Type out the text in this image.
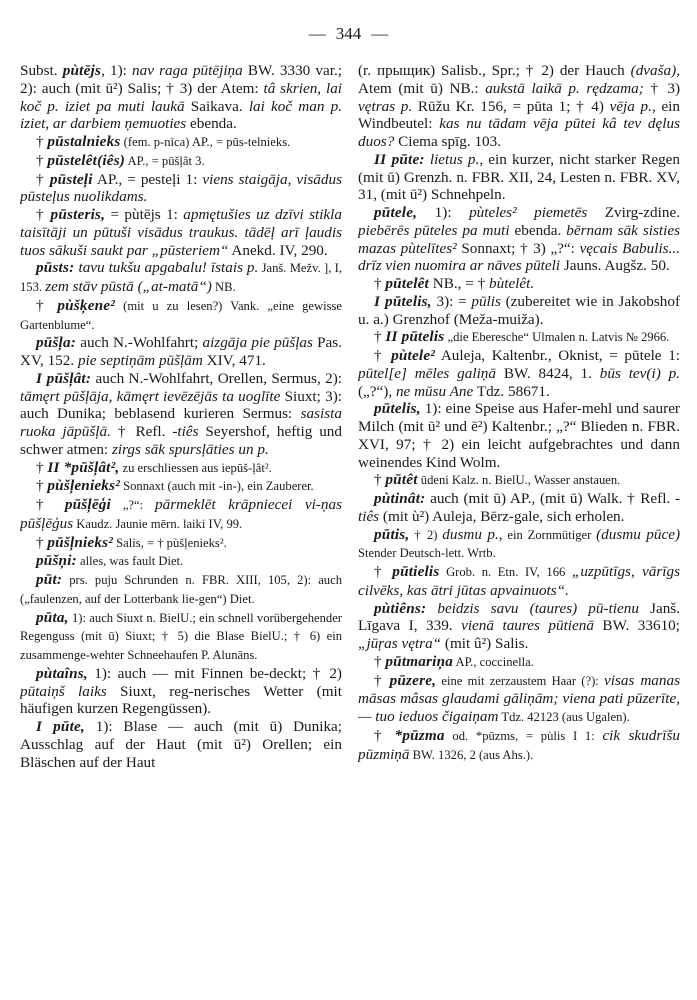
— 344 —

Subst. pùtējs, 1): nav raga pūtējiņa BW. 3330 var.; 2): auch (mit ū²) Salis; † 3) der Atem: tâ skrien, lai koč p. iziet pa muti laukā Saikava. lai koč man p. iziet, ar darbiem ņemuoties ebenda.

† pūstalnieks (fem. p-nīca) AP., = pūs-telnieks.

† pūstelêt(iês) AP., = pūšļât 3.

† pūsteļi AP., = pesteļi 1: viens staigāja, visādus pūsteļus nuolikdams.

† pūsteris, = pùtējs 1: apmętušies uz dzīvi stikla taisītāji un pūtuši visādus traukus. tādēļ arī ļaudis tuos sākuši saukt par „pūsteriem“ Anekd. IV, 290.

pūsts: tavu tukšu apgabalu! īstais p. Janš. Mežv. ], I, 153. zem stāv pūstā („at-matā“) NB.

† pùšķene² (mit u zu lesen?) Vank. „eine gewisse Gartenblume“.

pūšļa: auch N.-Wohlfahrt; aizgāja pie pūšļas Pas. XV, 152. pie septiņām pūšļām XIV, 471.

I pūšļât: auch N.-Wohlfahrt, Orellen, Sermus, 2): tāmęrt pūšļāja, kāmęrt ievēzējās ta uoglīte Siuxt; 3): auch Dunika; beblasend kurieren Sermus: sasista ruoka jāpūšļā. † Refl. -tiês Seyershof, heftig und schwer atmen: zirgs sāk spursļāties un p.

† II *pūšļât², zu erschliessen aus iepūš-ļât².

† pùšļenieks² Sonnaxt (auch mit -in-), ein Zauberer.

† pūšļēģi „?“: pārmeklēt krāpniecei vi-ņas pūšļēģus Kaudz. Jaunie mērn. laiki IV, 99.

† pūšļnieks² Salis, = † pùšļenieks².

pūšņi: alles, was fault Diet.

pūt: prs. puju Schrunden n. FBR. XIII, 105, 2): auch („faulenzen, auf der Lotterbank lie-gen“) Diet.

pūta, 1): auch Siuxt n. BielU.; ein schnell vorübergehender Regenguss (mit ū) Siuxt; † 5) die Blase BielU.; † 6) ein zusammenge-wehter Schneehaufen P. Alunāns.

pùtaîns, 1): auch — mit Finnen be-deckt; † 2) pūtaiņš laiks Siuxt, reg-nerisches Wetter (mit häufigen kurzen Regengüssen).

I pūte, 1): Blase — auch (mit ū) Dunika; Ausschlag auf der Haut (mit ū²) Orellen; ein Bläschen auf der Haut

(r. прыщик) Salisb., Spr.; † 2) der Hauch (dvaša), Atem (mit ū) NB.: aukstā laikā p. rędzama; † 3) vętras p. Rūžu Kr. 156, = pūta 1; † 4) vēja p., ein Windbeutel: kas nu tādam vēja pūtei kâ tev dęlus duos? Ciema spīg. 103.

II pūte: lietus p., ein kurzer, nicht starker Regen (mit ū) Grenzh. n. FBR. XII, 24, Lesten n. FBR. XV, 31, (mit ū²) Schnehpeln.

pūtele, 1): pùteles² piemetēs Zvirg-zdine. piebērēs pūteles pa muti ebenda. bērnam sāk sisties mazas pùtelītes² Sonnaxt; † 3) „?“: vęcais Babulis... drīz vien nuomira ar nāves pūteli Jauns. Augšz. 50.

† pūtelêt NB., = † bùtelêt.

I pūtelis, 3): = pūlis (zubereitet wie in Jakobshof u. a.) Grenzhof (Meža-muiža).

† II pūtelis „die Eberesche“ Ulmalen n. Latvis № 2966.

† pùtele² Auleja, Kaltenbr., Oknist, = pūtele 1: pūtel[e] mēles galiņā BW. 8424, 1. būs tev(i) p. („?“), ne mūsu Ane Tdz. 58671.

pūtelis, 1): eine Speise aus Hafer-mehl und saurer Milch (mit ū² und ē²) Kaltenbr.; „?“ Blieden n. FBR. XVI, 97; † 2) ein leicht aufgebrachtes und dann weinendes Kind Wolm.

† pūtêt ūdeni Kalz. n. BielU., Wasser anstauen.

pùtinât: auch (mit ū) AP., (mit ū) Walk. † Refl. -tiês (mit ù²) Auleja, Bērz-gale, sich erholen.

pūtis, † 2) dusmu p., ein Zornmütiger (dusmu pūce) Stender Deutsch-lett. Wrtb.

† pūtielis Grob. n. Etn. IV, 166 „uzpūtīgs, vārīgs cilvēks, kas ātri jūtas apvainuots“.

pùtiêns: beidzis savu (taures) pū-tienu Janš. Līgava I, 339. vienā taures pūtienā BW. 33610; „jūŗas vętra“ (mit û²) Salis.

† pūtmariņa AP., coccinella.

† pūzere, eine mit zerzaustem Haar (?): visas manas māsas mâsas glaudami gāliņām; viena pati pūzerīte, — tuo ieduos čigaiņam Tdz. 42123 (aus Ugalen).

† *pūzma od. *pūzms, = pùlis I 1: cik skudrīšu pūzmiņā BW. 1326, 2 (aus Ahs.).
